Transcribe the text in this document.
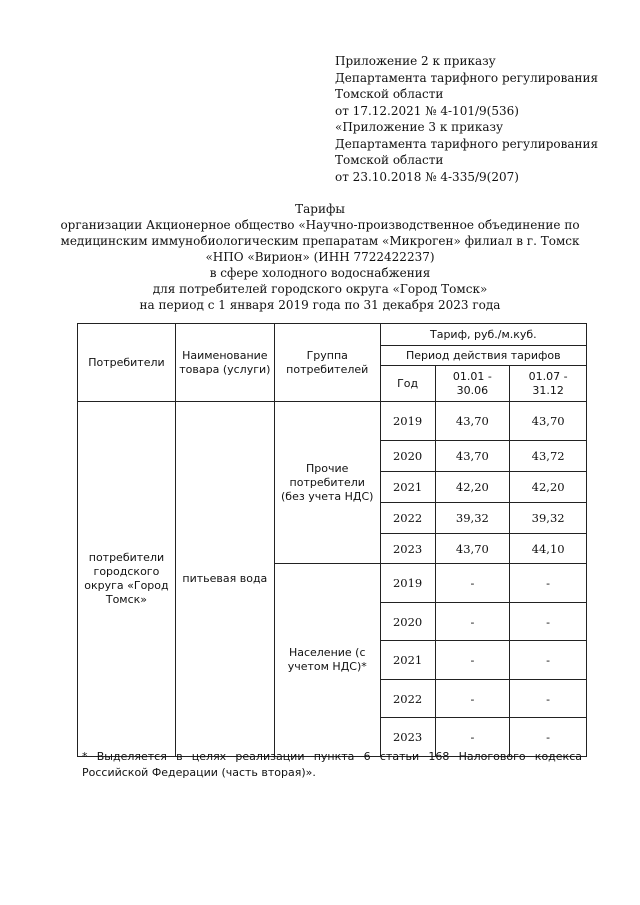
Приложение 2 к приказу
Департамента тарифного регулирования
Томской области
от 17.12.2021 № 4-101/9(536)
«Приложение 3 к приказу
Департамента тарифного регулирования
Томской области
от 23.10.2018 № 4-335/9(207)
Тарифы
организации Акционерное общество «Научно-производственное объединение по
медицинским иммунобиологическим препаратам «Микроген» филиал в г. Томск
«НПО «Вирион» (ИНН 7722422237)
в сфере холодного водоснабжения
для потребителей городского округа «Город Томск»
на период с 1 января 2019 года по 31 декабря 2023 года
Потребители	Наименование товара (услуги)	Группа потребителей	Тариф, руб./м.куб.		
			Период действия тарифов		
			Год	01.01 - 30.06	01.07 - 31.12
потребители городского округа «Город Томск»	питьевая вода	Прочие потребители (без учета НДС)	2019	43,70	43,70
			2020	43,70	43,72
			2021	42,20	42,20
			2022	39,32	39,32
			2023	43,70	44,10
		Население (с учетом НДС)*	2019	-	-
			2020	-	-
			2021	-	-
			2022	-	-
			2023	-	-
* Выделяется в целях реализации пункта 6 статьи 168 Налогового кодекса Российской Федерации (часть вторая)».
